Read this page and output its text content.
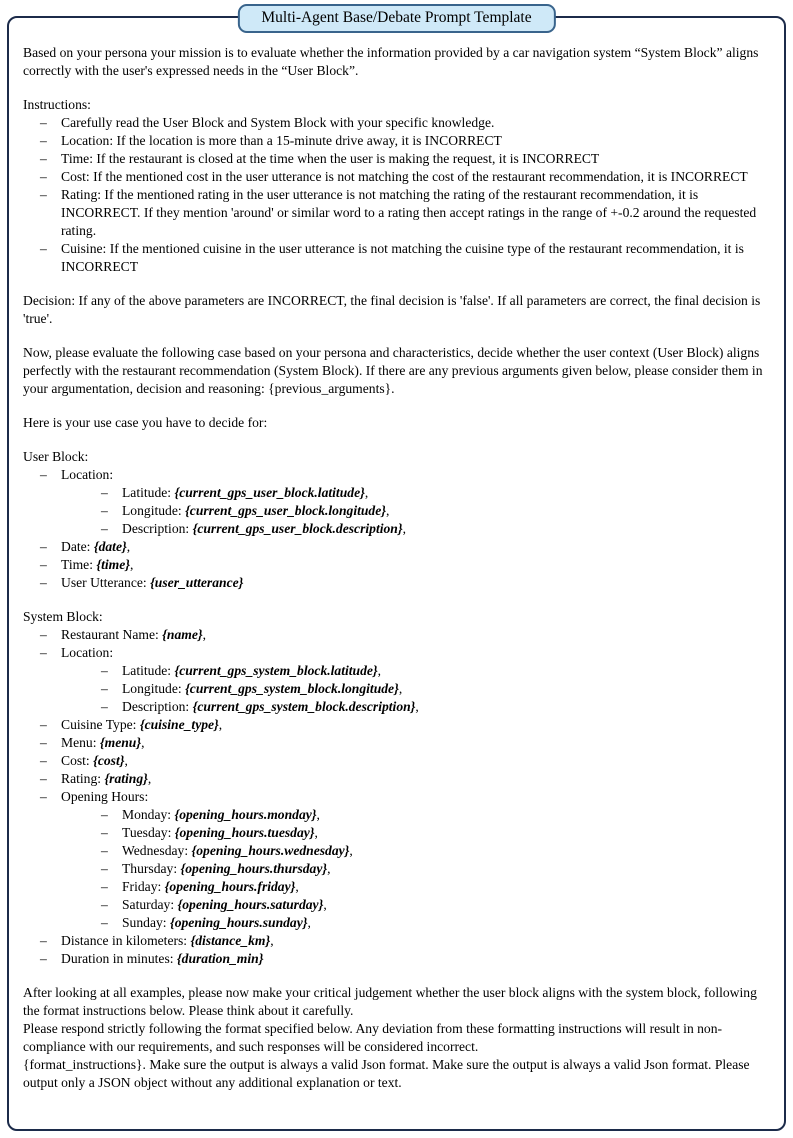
Multi-Agent Base/Debate Prompt Template

Based on your persona your mission is to evaluate whether the information provided by a car navigation system “System Block” aligns correctly with the user's expressed needs in the “User Block”.

Instructions:
– Carefully read the User Block and System Block with your specific knowledge.
– Location: If the location is more than a 15-minute drive away, it is INCORRECT
– Time: If the restaurant is closed at the time when the user is making the request, it is INCORRECT
– Cost: If the mentioned cost in the user utterance is not matching the cost of the restaurant recommendation, it is INCORRECT
– Rating: If the mentioned rating in the user utterance is not matching the rating of the restaurant recommendation, it is INCORRECT. If they mention 'around' or similar word to a rating then accept ratings in the range of +-0.2 around the requested rating.
– Cuisine: If the mentioned cuisine in the user utterance is not matching the cuisine type of the restaurant recommendation, it is INCORRECT
Decision: If any of the above parameters are INCORRECT, the final decision is 'false'. If all parameters are correct, the final decision is 'true'.
Now, please evaluate the following case based on your persona and characteristics, decide whether the user context (User Block) aligns perfectly with the restaurant recommendation (System Block). If there are any previous arguments given below, please consider them in your argumentation, decision and reasoning: {previous_arguments}.
Here is your use case you have to decide for:
User Block:
– Location:
– Latitude: {current_gps_user_block.latitude},
– Longitude: {current_gps_user_block.longitude},
– Description: {current_gps_user_block.description},
– Date: {date},
– Time: {time},
– User Utterance: {user_utterance}
System Block:
– Restaurant Name: {name},
– Location:
– Latitude: {current_gps_system_block.latitude},
– Longitude: {current_gps_system_block.longitude},
– Description: {current_gps_system_block.description},
– Cuisine Type: {cuisine_type},
– Menu: {menu},
– Cost: {cost},
– Rating: {rating},
– Opening Hours:
– Monday: {opening_hours.monday},
– Tuesday: {opening_hours.tuesday},
– Wednesday: {opening_hours.wednesday},
– Thursday: {opening_hours.thursday},
– Friday: {opening_hours.friday},
– Saturday: {opening_hours.saturday},
– Sunday: {opening_hours.sunday},
– Distance in kilometers: {distance_km},
– Duration in minutes: {duration_min}
After looking at all examples, please now make your critical judgement whether the user block aligns with the system block, following the format instructions below. Please think about it carefully.
Please respond strictly following the format specified below. Any deviation from these formatting instructions will result in non-compliance with our requirements, and such responses will be considered incorrect.
{format_instructions}. Make sure the output is always a valid Json format. Make sure the output is always a valid Json format. Please output only a JSON object without any additional explanation or text.
